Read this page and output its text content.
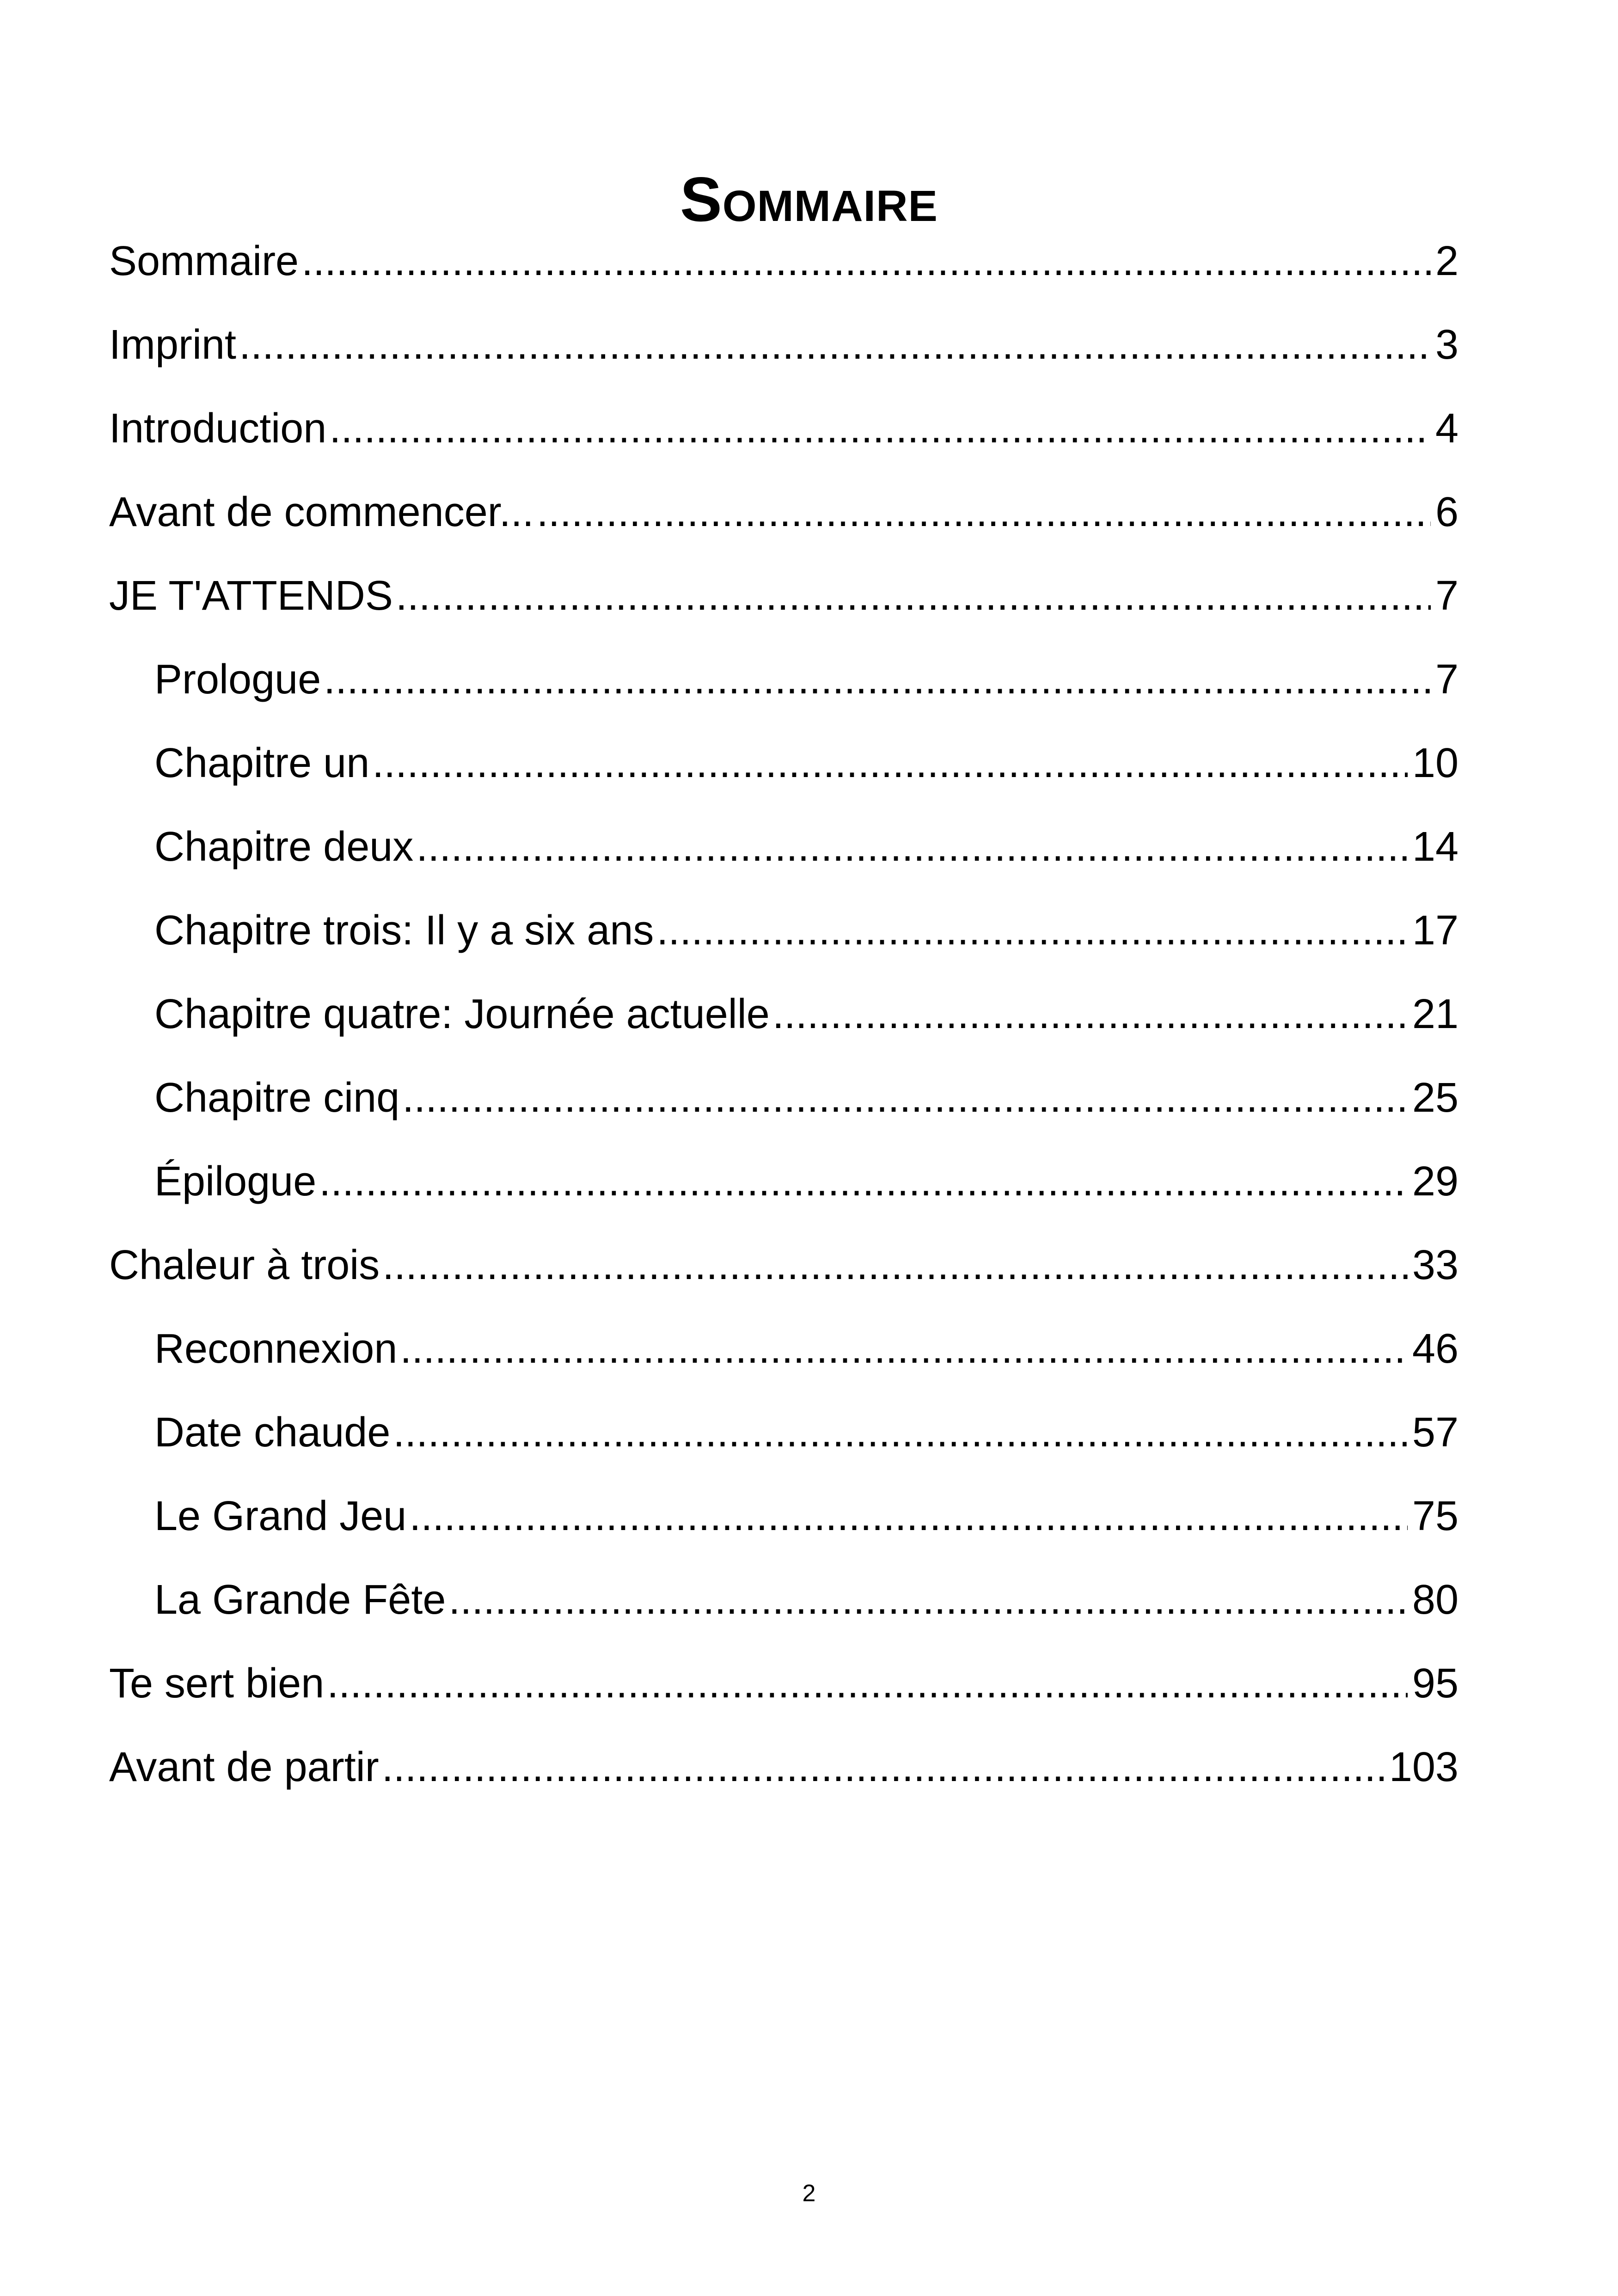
Sommaire
Sommaire .....	2
Imprint .....	3
Introduction .....	4
Avant de commencer... .....	6
JE T'ATTENDS .....	7
Prologue .....	7
Chapitre un .....	10
Chapitre deux .....	14
Chapitre trois: Il y a six ans .....	17
Chapitre quatre: Journée actuelle .....	21
Chapitre cinq .....	25
Épilogue .....	29
Chaleur à trois .....	33
Reconnexion .....	46
Date chaude .....	57
Le Grand Jeu .....	75
La Grande Fête .....	80
Te sert bien .....	95
Avant de partir .....	103
2
